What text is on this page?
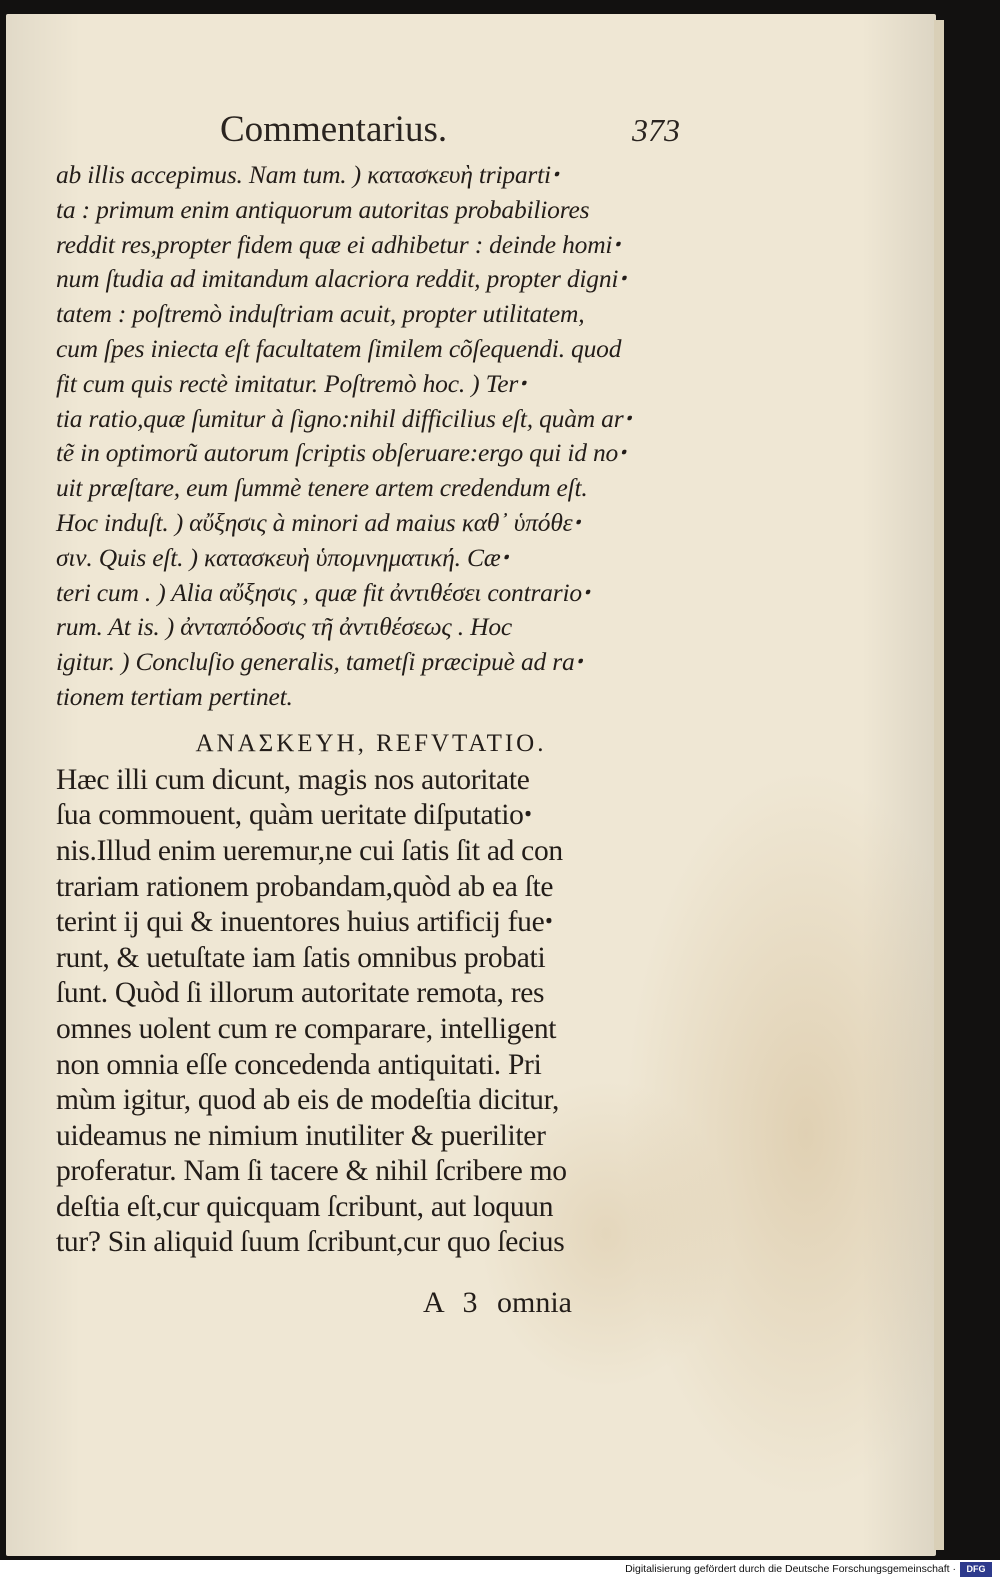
Commentarius.	373
ab illis accepimus. Nam tum. ) κατασκευὴ tripartiꞏ
ta : primum enim antiquorum autoritas probabiliores
reddit res,propter fidem quæ ei adhibetur : deinde homiꞏ
num ſtudia ad imitandum alacriora reddit, propter digniꞏ
tatem : poſtremò induſtriam acuit, propter utilitatem,
cum ſpes iniecta eſt facultatem ſimilem cõſequendi. quod
fit cum quis rectè imitatur. Poſtremò hoc. ) Terꞏ
tia ratio,quæ ſumitur à ſigno:nihil difficilius eſt, quàm arꞏ
tẽ in optimorũ autorum ſcriptis obſeruare:ergo qui id noꞏ
uit præſtare, eum ſummè tenere artem credendum eſt.
Hoc induſt. ) αὔξησις à minori ad maius καθ᾽ ὑπόθεꞏ
σιν. Quis eſt. ) κατασκευὴ ὑπομνηματική. Cæꞏ
teri cum . ) Alia αὔξησις , quæ fit ἀντιθέσει contrarioꞏ
rum. At is. ) ἀνταπόδοσις τῆ ἀντιθέσεως . Hoc
igitur. ) Concluſio generalis, tametſi præcipuè ad raꞏ
tionem tertiam pertinet.
ΑΝΑΣΚΕΥΗ, REFVTATIO.
Hæc illi cum dicunt, magis nos autoritate
ſua commouent, quàm ueritate diſputatioꞏ
nis.Illud enim ueremur,ne cui ſatis ſit ad con
trariam rationem probandam,quòd ab ea ſte
terint ij qui & inuentores huius artificij fueꞏ
runt, & uetuſtate iam ſatis omnibus probati
ſunt. Quòd ſi illorum autoritate remota, res
omnes uolent cum re comparare, intelligent
non omnia eſſe concedenda antiquitati. Pri
mùm igitur, quod ab eis de modeſtia dicitur,
uideamus ne nimium inutiliter & pueriliter
proferatur. Nam ſi tacere & nihil ſcribere mo
deſtia eſt,cur quicquam ſcribunt, aut loquun
tur? Sin aliquid ſuum ſcribunt,cur quo ſecius
A 3 omnia
Digitalisierung gefördert durch die Deutsche Forschungsgemeinschaft ·	DFG
